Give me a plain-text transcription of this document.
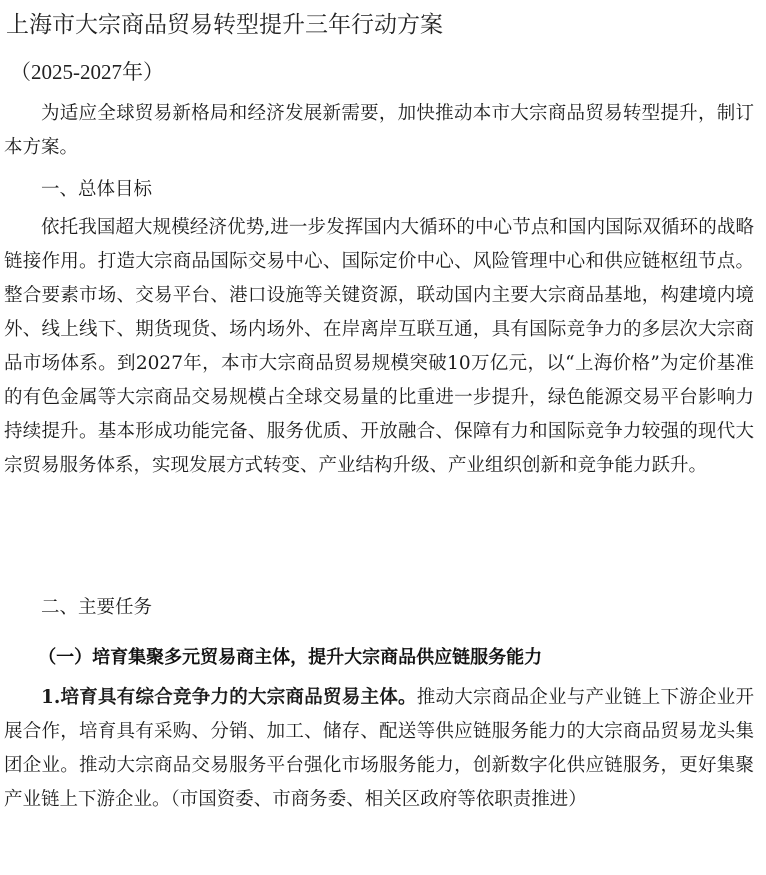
上海市大宗商品贸易转型提升三年行动方案

（2025-2027年）

为适应全球贸易新格局和经济发展新需要，加快推动本市大宗商品贸易转型提升，制订本方案。

一、总体目标

依托我国超大规模经济优势,进一步发挥国内大循环的中心节点和国内国际双循环的战略链接作用。打造大宗商品国际交易中心、国际定价中心、风险管理中心和供应链枢纽节点。整合要素市场、交易平台、港口设施等关键资源，联动国内主要大宗商品基地，构建境内境外、线上线下、期货现货、场内场外、在岸离岸互联互通，具有国际竞争力的多层次大宗商品市场体系。到2027年，本市大宗商品贸易规模突破10万亿元，以“上海价格”为定价基准的有色金属等大宗商品交易规模占全球交易量的比重进一步提升，绿色能源交易平台影响力持续提升。基本形成功能完备、服务优质、开放融合、保障有力和国际竞争力较强的现代大宗贸易服务体系，实现发展方式转变、产业结构升级、产业组织创新和竞争能力跃升。

二、主要任务

（一）培育集聚多元贸易商主体，提升大宗商品供应链服务能力

1.培育具有综合竞争力的大宗商品贸易主体。推动大宗商品企业与产业链上下游企业开展合作，培育具有采购、分销、加工、储存、配送等供应链服务能力的大宗商品贸易龙头集团企业。推动大宗商品交易服务平台强化市场服务能力，创新数字化供应链服务，更好集聚产业链上下游企业。（市国资委、市商务委、相关区政府等依职责推进）
